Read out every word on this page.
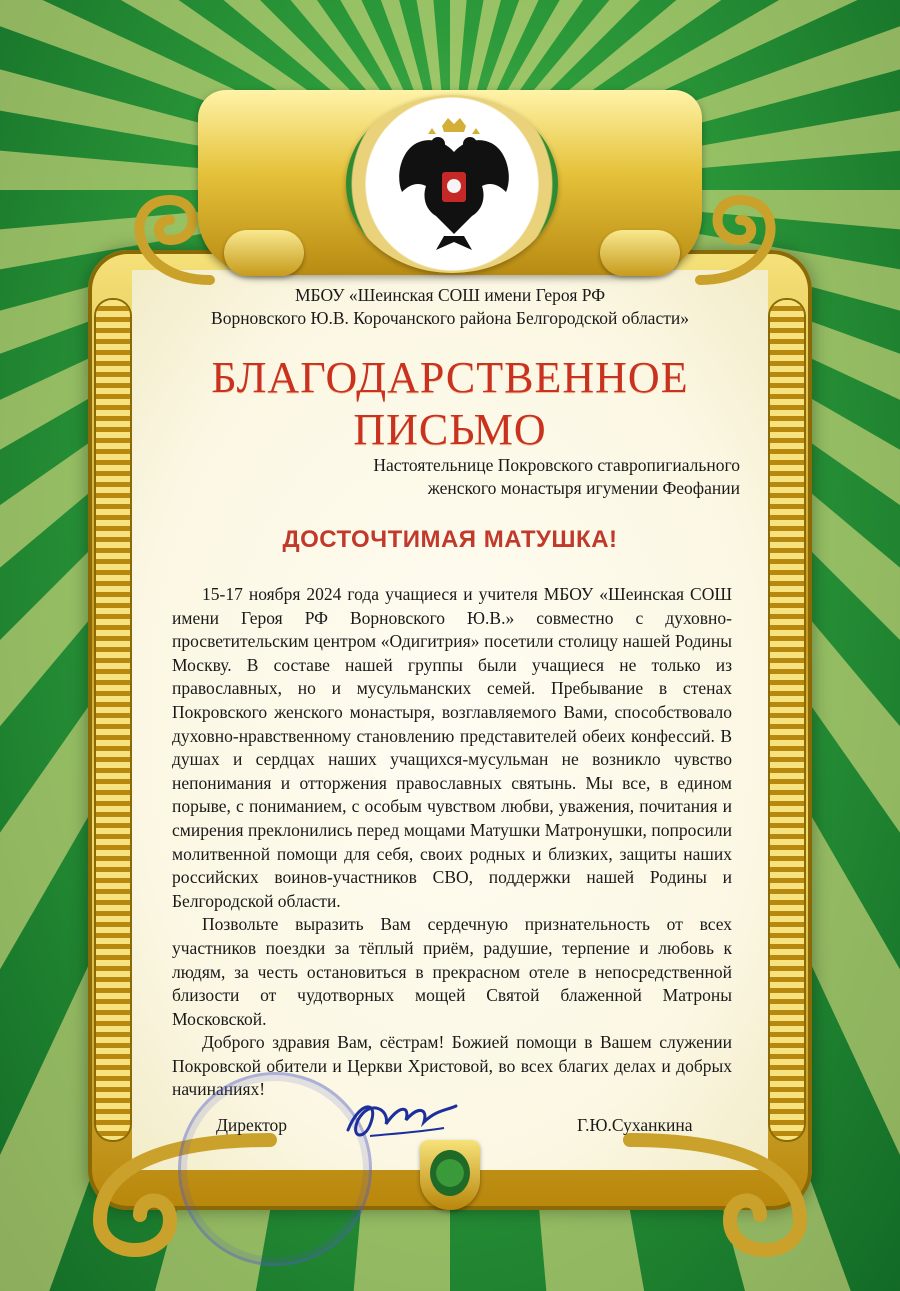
МБОУ «Шеинская СОШ имени Героя РФ
Ворновского Ю.В. Корочанского района Белгородской области»
БЛАГОДАРСТВЕННОЕ
ПИСЬМО
Настоятельнице Покровского ставропигиального
женского монастыря игумении Феофании
ДОСТОЧТИМАЯ МАТУШКА!

15-17 ноября 2024 года учащиеся и учителя МБОУ «Шеинская СОШ имени Героя РФ Ворновского Ю.В.» совместно с духовно-просветительским центром «Одигитрия» посетили столицу нашей Родины Москву. В составе нашей группы были учащиеся не только из православных, но и мусульманских семей. Пребывание в стенах Покровского женского монастыря, возглавляемого Вами, способствовало духовно-нравственному становлению представителей обеих конфессий. В душах и сердцах наших учащихся-мусульман не возникло чувство непонимания и отторжения православных святынь. Мы все, в едином порыве, с пониманием, с особым чувством любви, уважения, почитания и смирения преклонились перед мощами Матушки Матронушки, попросили молитвенной помощи для себя, своих родных и близких, защиты наших российских воинов-участников СВО, поддержки нашей Родины и Белгородской области.

Позвольте выразить Вам сердечную признательность от всех участников поездки за тёплый приём, радушие, терпение и любовь к людям, за честь остановиться в прекрасном отеле в непосредственной близости от чудотворных мощей Святой блаженной Матроны Московской.

Доброго здравия Вам, сёстрам! Божией помощи в Вашем служении Покровской обители и Церкви Христовой, во всех благих делах и добрых начинаниях!

Директор	Г.Ю.Суханкина
